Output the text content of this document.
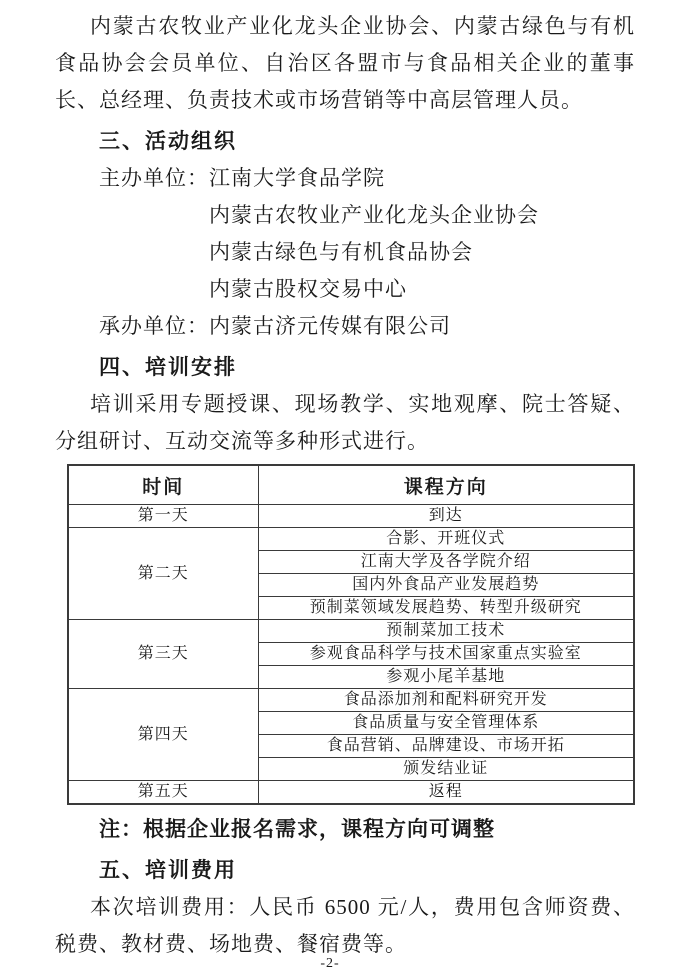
内蒙古农牧业产业化龙头企业协会、内蒙古绿色与有机食品协会会员单位、自治区各盟市与食品相关企业的董事长、总经理、负责技术或市场营销等中高层管理人员。

三、活动组织
主办单位： 江南大学食品学院
内蒙古农牧业产业化龙头企业协会
内蒙古绿色与有机食品协会
内蒙古股权交易中心
承办单位： 内蒙古济元传媒有限公司
四、培训安排

培训采用专题授课、现场教学、实地观摩、院士答疑、分组研讨、互动交流等多种形式进行。

时间	课程方向
第一天	到达
第二天	合影、开班仪式
	江南大学及各学院介绍
	国内外食品产业发展趋势
	预制菜领域发展趋势、转型升级研究
第三天	预制菜加工技术
	参观食品科学与技术国家重点实验室
	参观小尾羊基地
第四天	食品添加剂和配料研究开发
	食品质量与安全管理体系
	食品营销、品牌建设、市场开拓
	颁发结业证
第五天	返程

注：根据企业报名需求，课程方向可调整

五、培训费用

本次培训费用：人民币 6500 元/人，费用包含师资费、税费、教材费、场地费、餐宿费等。

-2-
